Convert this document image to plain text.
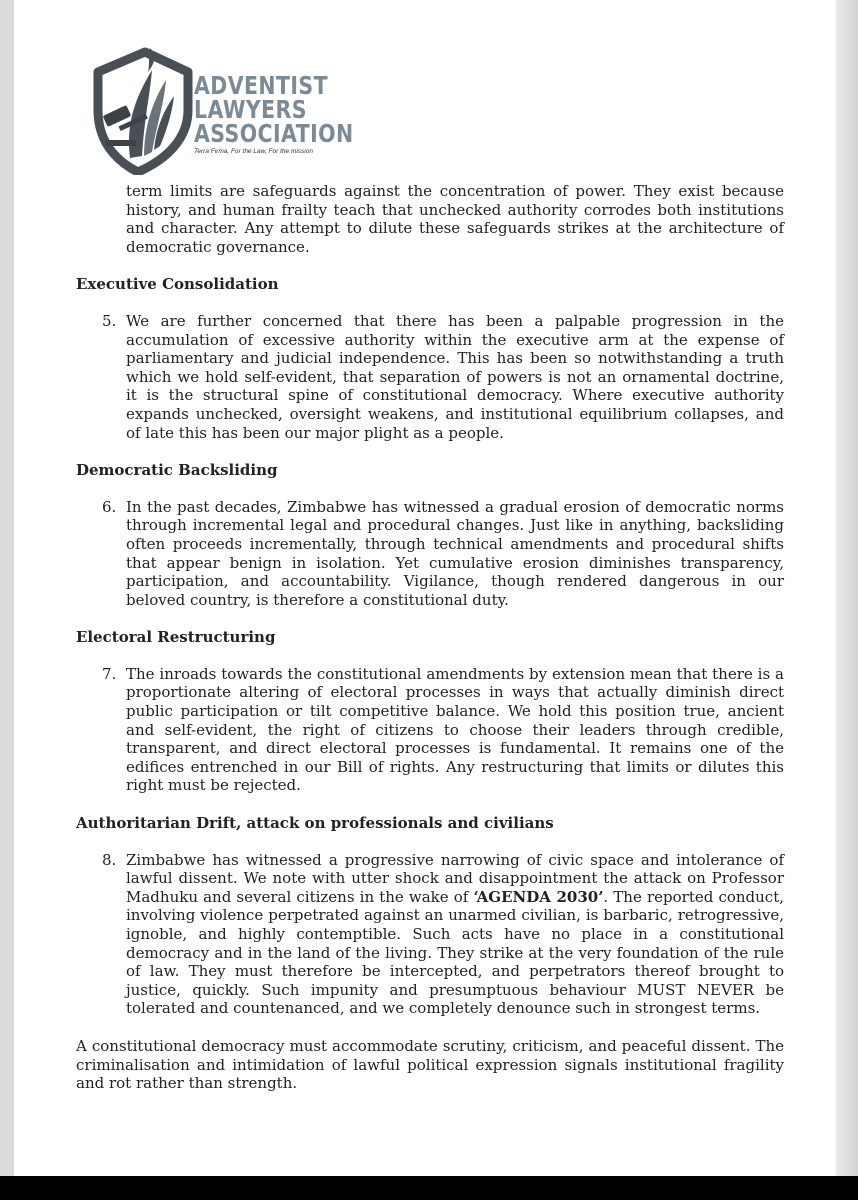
ADVENTIST
LAWYERS
ASSOCIATION
Terra Firma, For the Law, For the mission

term limits are safeguards against the concentration of power. They exist because history, and human frailty teach that unchecked authority corrodes both institutions and character. Any attempt to dilute these safeguards strikes at the architecture of democratic governance.

Executive Consolidation

5. We are further concerned that there has been a palpable progression in the accumulation of excessive authority within the executive arm at the expense of parliamentary and judicial independence. This has been so notwithstanding a truth which we hold self-evident, that separation of powers is not an ornamental doctrine, it is the structural spine of constitutional democracy. Where executive authority expands unchecked, oversight weakens, and institutional equilibrium collapses, and of late this has been our major plight as a people.

Democratic Backsliding

6. In the past decades, Zimbabwe has witnessed a gradual erosion of democratic norms through incremental legal and procedural changes. Just like in anything, backsliding often proceeds incrementally, through technical amendments and procedural shifts that appear benign in isolation. Yet cumulative erosion diminishes transparency, participation, and accountability. Vigilance, though rendered dangerous in our beloved country, is therefore a constitutional duty.

Electoral Restructuring

7. The inroads towards the constitutional amendments by extension mean that there is a proportionate altering of electoral processes in ways that actually diminish direct public participation or tilt competitive balance. We hold this position true, ancient and self-evident, the right of citizens to choose their leaders through credible, transparent, and direct electoral processes is fundamental. It remains one of the edifices entrenched in our Bill of rights. Any restructuring that limits or dilutes this right must be rejected.

Authoritarian Drift, attack on professionals and civilians

8. Zimbabwe has witnessed a progressive narrowing of civic space and intolerance of lawful dissent. We note with utter shock and disappointment the attack on Professor Madhuku and several citizens in the wake of ‘AGENDA 2030’. The reported conduct, involving violence perpetrated against an unarmed civilian, is barbaric, retrogressive, ignoble, and highly contemptible. Such acts have no place in a constitutional democracy and in the land of the living. They strike at the very foundation of the rule of law. They must therefore be intercepted, and perpetrators thereof brought to justice, quickly. Such impunity and presumptuous behaviour MUST NEVER be tolerated and countenanced, and we completely denounce such in strongest terms.

A constitutional democracy must accommodate scrutiny, criticism, and peaceful dissent. The criminalisation and intimidation of lawful political expression signals institutional fragility and rot rather than strength.
